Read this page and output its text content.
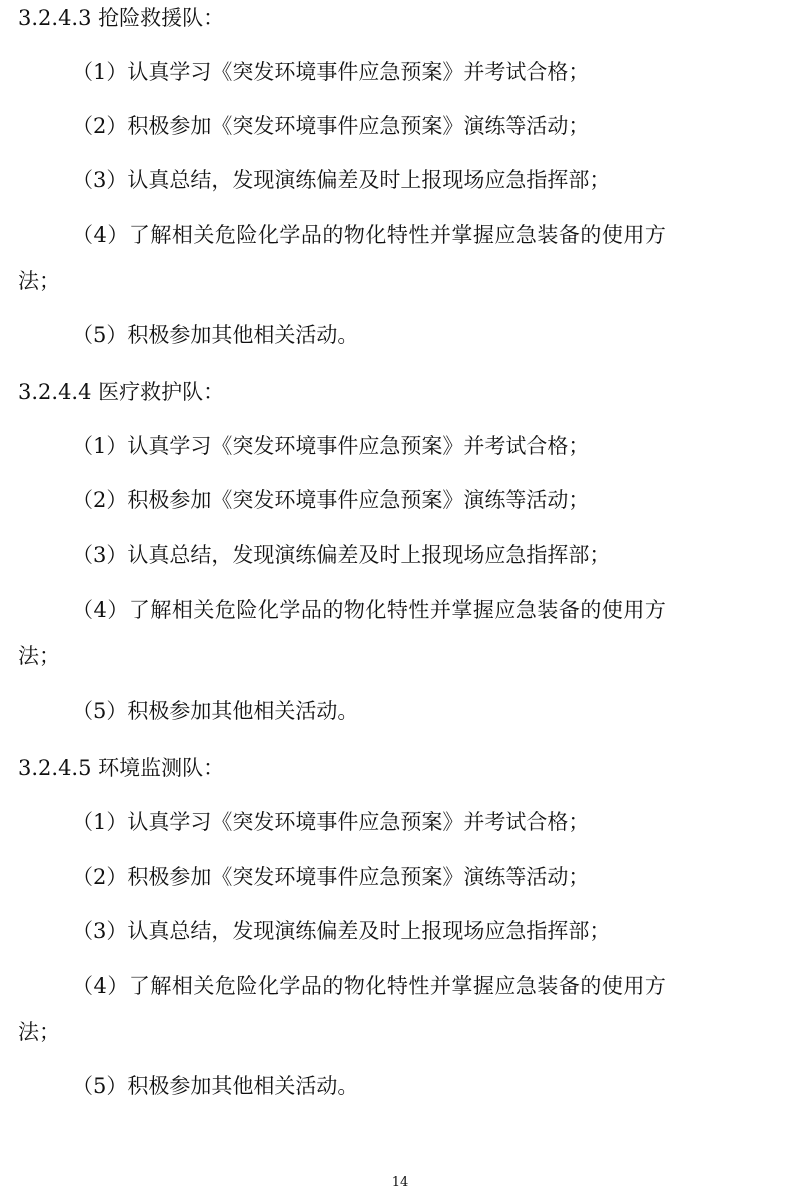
3.2.4.3 抢险救援队：
（1）认真学习《突发环境事件应急预案》并考试合格；
（2）积极参加《突发环境事件应急预案》演练等活动；
（3）认真总结，发现演练偏差及时上报现场应急指挥部；
（4）了解相关危险化学品的物化特性并掌握应急装备的使用方
法；
（5）积极参加其他相关活动。
3.2.4.4 医疗救护队：
（1）认真学习《突发环境事件应急预案》并考试合格；
（2）积极参加《突发环境事件应急预案》演练等活动；
（3）认真总结，发现演练偏差及时上报现场应急指挥部；
（4）了解相关危险化学品的物化特性并掌握应急装备的使用方
法；
（5）积极参加其他相关活动。
3.2.4.5 环境监测队：
（1）认真学习《突发环境事件应急预案》并考试合格；
（2）积极参加《突发环境事件应急预案》演练等活动；
（3）认真总结，发现演练偏差及时上报现场应急指挥部；
（4）了解相关危险化学品的物化特性并掌握应急装备的使用方
法；
（5）积极参加其他相关活动。
14
